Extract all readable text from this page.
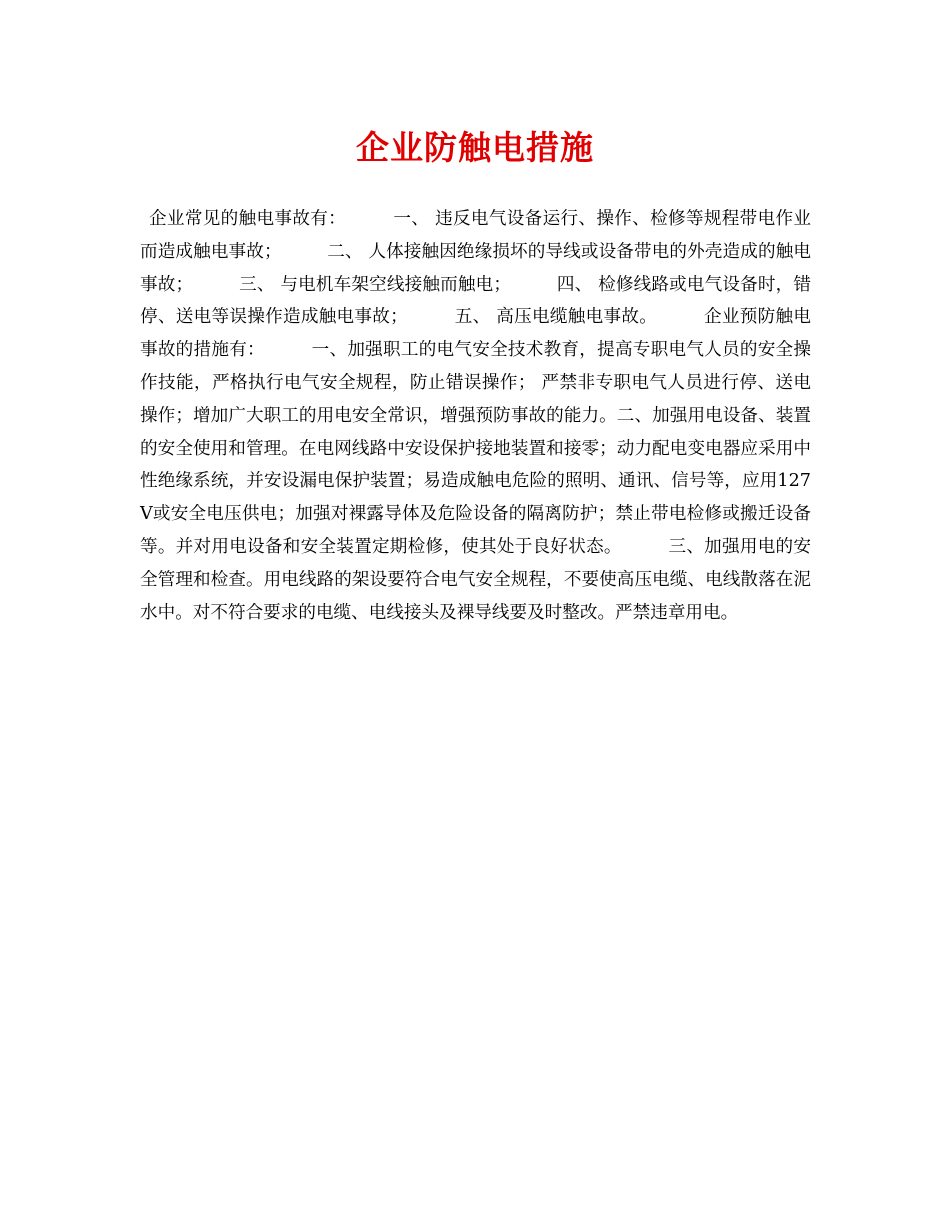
企业防触电措施

企业常见的触电事故有：        一、 违反电气设备运行、操作、检修等规程带电作业而造成触电事故；        二、 人体接触因绝缘损坏的导线或设备带电的外壳造成的触电事故；        三、 与电机车架空线接触而触电；        四、 检修线路或电气设备时，错停、送电等误操作造成触电事故；        五、 高压电缆触电事故。        企业预防触电事故的措施有：        一、加强职工的电气安全技术教育，提高专职电气人员的安全操作技能，严格执行电气安全规程，防止错误操作； 严禁非专职电气人员进行停、送电操作；增加广大职工的用电安全常识，增强预防事故的能力。二、加强用电设备、装置的安全使用和管理。在电网线路中安设保护接地装置和接零；动力配电变电器应采用中性绝缘系统，并安设漏电保护装置；易造成触电危险的照明、通讯、信号等，应用127V或安全电压供电；加强对裸露导体及危险设备的隔离防护；禁止带电检修或搬迁设备等。并对用电设备和安全装置定期检修，使其处于良好状态。        三、加强用电的安全管理和检查。用电线路的架设要符合电气安全规程，不要使高压电缆、电线散落在泥水中。对不符合要求的电缆、电线接头及裸导线要及时整改。严禁违章用电。
